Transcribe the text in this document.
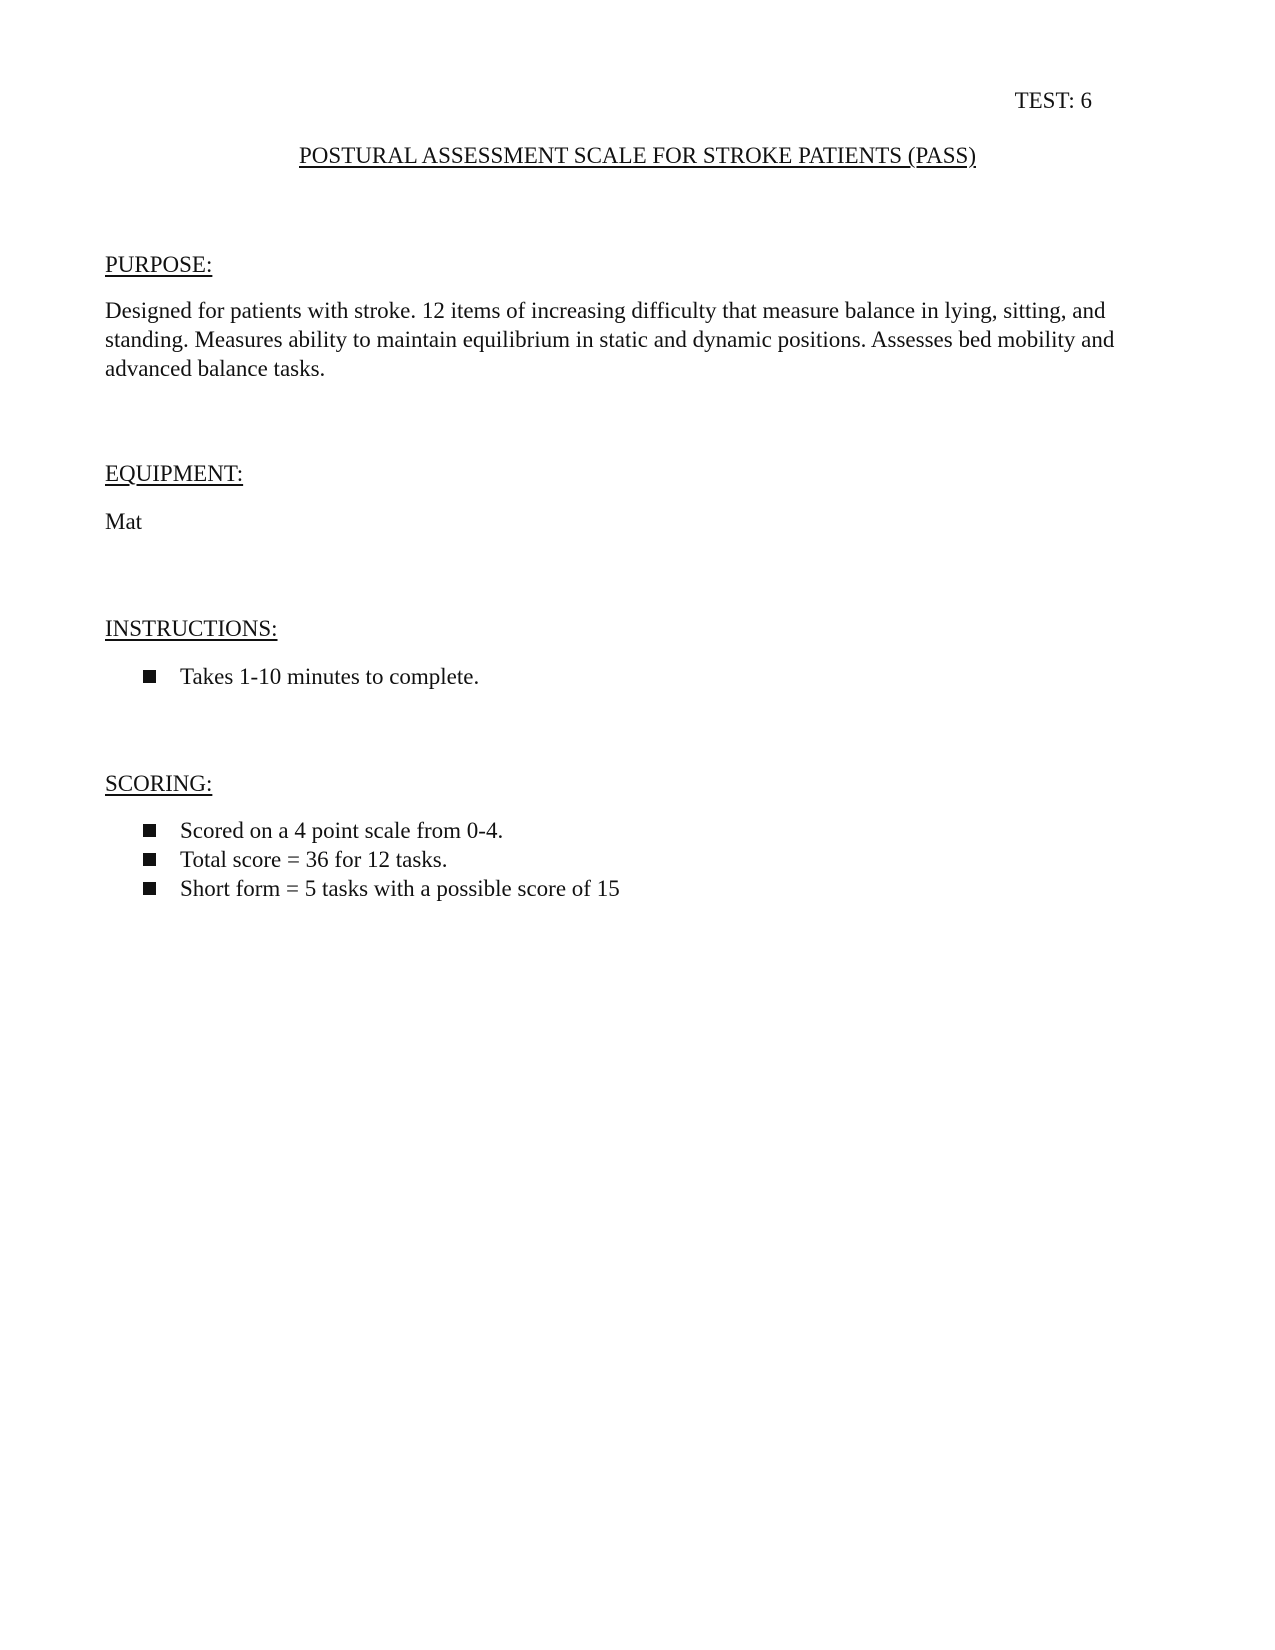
TEST: 6
POSTURAL ASSESSMENT SCALE FOR STROKE PATIENTS (PASS)
PURPOSE:
Designed for patients with stroke. 12 items of increasing difficulty that measure balance in lying, sitting, and standing. Measures ability to maintain equilibrium in static and dynamic positions. Assesses bed mobility and advanced balance tasks.
EQUIPMENT:
Mat
INSTRUCTIONS:
Takes 1-10 minutes to complete.
SCORING:
Scored on a 4 point scale from 0-4.
Total score = 36 for 12 tasks.
Short form = 5 tasks with a possible score of 15
